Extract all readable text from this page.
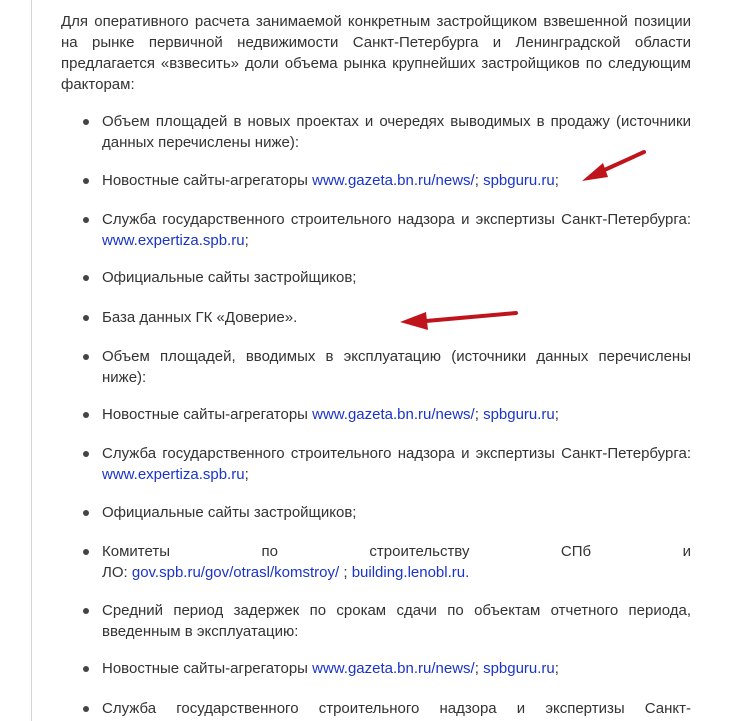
Для оперативного расчета занимаемой конкретным застройщиком взвешенной позиции на рынке первичной недвижимости Санкт-Петербурга и Ленинградской области предлагается «взвесить» доли объема рынка крупнейших застройщиков по следующим факторам:

Объем площадей в новых проектах и очередях выводимых в продажу (источники данных перечислены ниже):
Новостные сайты-агрегаторы www.gazeta.bn.ru/news/; spbguru.ru;
Служба государственного строительного надзора и экспертизы Санкт-Петербурга: www.expertiza.spb.ru;
Официальные сайты застройщиков;
База данных ГК «Доверие».
Объем площадей, вводимых в эксплуатацию (источники данных перечислены ниже):
Новостные сайты-агрегаторы www.gazeta.bn.ru/news/; spbguru.ru;
Служба государственного строительного надзора и экспертизы Санкт-Петербурга: www.expertiza.spb.ru;
Официальные сайты застройщиков;
Комитеты по строительству СПб и
ЛО: gov.spb.ru/gov/otrasl/komstroy/ ; building.lenobl.ru.
Средний период задержек по срокам сдачи по объектам отчетного периода, введенным в эксплуатацию:
Новостные сайты-агрегаторы www.gazeta.bn.ru/news/; spbguru.ru;
Служба государственного строительного надзора и экспертизы Санкт-
